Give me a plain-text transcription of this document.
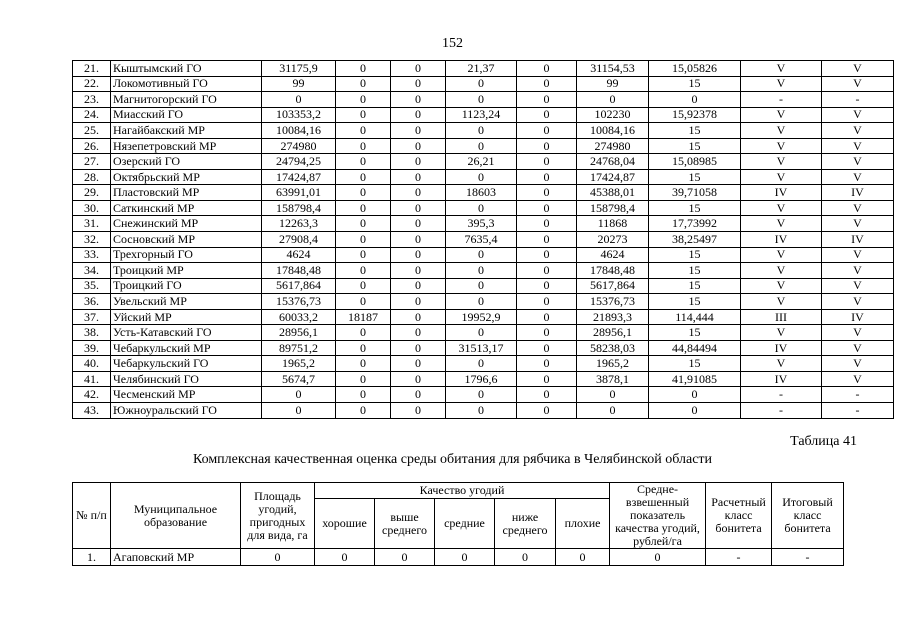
152
21.	Кыштымский ГО	31175,9	0	0	21,37	0	31154,53	15,05826	V	V
22.	Локомотивный ГО	99	0	0	0	0	99	15	V	V
23.	Магнитогорский ГО	0	0	0	0	0	0	0	-	-
24.	Миасский ГО	103353,2	0	0	1123,24	0	102230	15,92378	V	V
25.	Нагайбакский МР	10084,16	0	0	0	0	10084,16	15	V	V
26.	Нязепетровский МР	274980	0	0	0	0	274980	15	V	V
27.	Озерский ГО	24794,25	0	0	26,21	0	24768,04	15,08985	V	V
28.	Октябрьский МР	17424,87	0	0	0	0	17424,87	15	V	V
29.	Пластовский МР	63991,01	0	0	18603	0	45388,01	39,71058	IV	IV
30.	Саткинский МР	158798,4	0	0	0	0	158798,4	15	V	V
31.	Снежинский МР	12263,3	0	0	395,3	0	11868	17,73992	V	V
32.	Сосновский МР	27908,4	0	0	7635,4	0	20273	38,25497	IV	IV
33.	Трехгорный ГО	4624	0	0	0	0	4624	15	V	V
34.	Троицкий МР	17848,48	0	0	0	0	17848,48	15	V	V
35.	Троицкий ГО	5617,864	0	0	0	0	5617,864	15	V	V
36.	Увельский МР	15376,73	0	0	0	0	15376,73	15	V	V
37.	Уйский МР	60033,2	18187	0	19952,9	0	21893,3	114,444	III	IV
38.	Усть-Катавский ГО	28956,1	0	0	0	0	28956,1	15	V	V
39.	Чебаркульский МР	89751,2	0	0	31513,17	0	58238,03	44,84494	IV	V
40.	Чебаркульский ГО	1965,2	0	0	0	0	1965,2	15	V	V
41.	Челябинский ГО	5674,7	0	0	1796,6	0	3878,1	41,91085	IV	V
42.	Чесменский МР	0	0	0	0	0	0	0	-	-
43.	Южноуральский ГО	0	0	0	0	0	0	0	-	-
Таблица 41
Комплексная качественная оценка среды обитания для рябчика в Челябинской области
№ п/п	Муниципальное образование	Площадь угодий, пригодных для вида, га	Качество угодий					Средне-взвешенный показатель качества угодий, рублей/га	Расчетный класс бонитета	Итоговый класс бонитета
			хорошие	выше среднего	средние	ниже среднего	плохие			
1.	Агаповский МР	0	0	0	0	0	0	0	-	-
